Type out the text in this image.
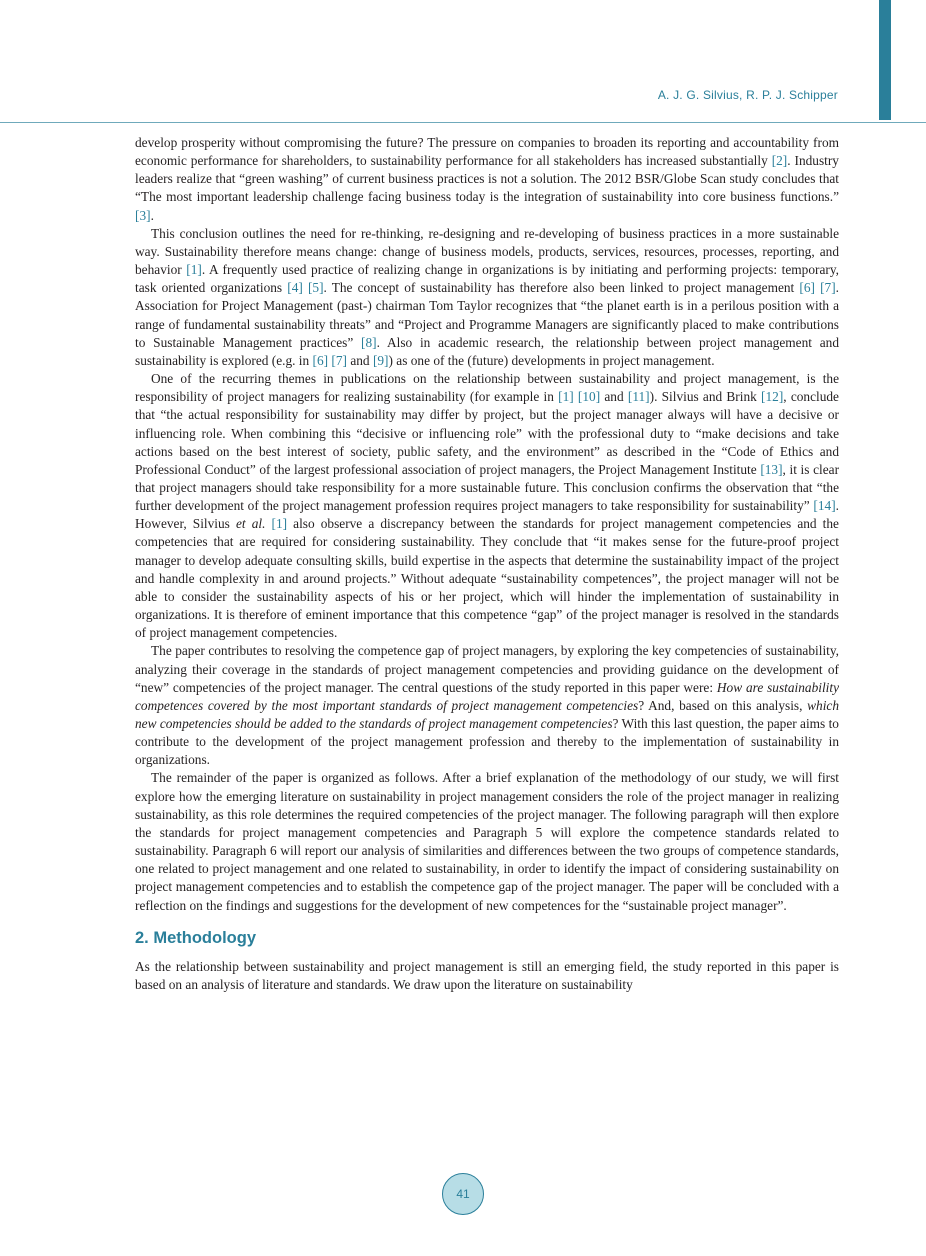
A. J. G. Silvius, R. P. J. Schipper

develop prosperity without compromising the future? The pressure on companies to broaden its reporting and accountability from economic performance for shareholders, to sustainability performance for all stakeholders has increased substantially [2]. Industry leaders realize that “green washing” of current business practices is not a solution. The 2012 BSR/Globe Scan study concludes that “The most important leadership challenge facing business today is the integration of sustainability into core business functions.” [3].

This conclusion outlines the need for re-thinking, re-designing and re-developing of business practices in a more sustainable way. Sustainability therefore means change: change of business models, products, services, resources, processes, reporting, and behavior [1]. A frequently used practice of realizing change in organizations is by initiating and performing projects: temporary, task oriented organizations [4] [5]. The concept of sustainability has therefore also been linked to project management [6] [7]. Association for Project Management (past-) chairman Tom Taylor recognizes that “the planet earth is in a perilous position with a range of fundamental sustainability threats” and “Project and Programme Managers are significantly placed to make contributions to Sustainable Management practices” [8]. Also in academic research, the relationship between project management and sustainability is explored (e.g. in [6] [7] and [9]) as one of the (future) developments in project management.

One of the recurring themes in publications on the relationship between sustainability and project management, is the responsibility of project managers for realizing sustainability (for example in [1] [10] and [11]). Silvius and Brink [12], conclude that “the actual responsibility for sustainability may differ by project, but the project manager always will have a decisive or influencing role. When combining this “decisive or influencing role” with the professional duty to “make decisions and take actions based on the best interest of society, public safety, and the environment” as described in the “Code of Ethics and Professional Conduct” of the largest professional association of project managers, the Project Management Institute [13], it is clear that project managers should take responsibility for a more sustainable future. This conclusion confirms the observation that “the further development of the project management profession requires project managers to take responsibility for sustainability” [14]. However, Silvius et al. [1] also observe a discrepancy between the standards for project management competencies and the competencies that are required for considering sustainability. They conclude that “it makes sense for the future-proof project manager to develop adequate consulting skills, build expertise in the aspects that determine the sustainability impact of the project and handle complexity in and around projects.” Without adequate “sustainability competences”, the project manager will not be able to consider the sustainability aspects of his or her project, which will hinder the implementation of sustainability in organizations. It is therefore of eminent importance that this competence “gap” of the project manager is resolved in the standards of project management competencies.

The paper contributes to resolving the competence gap of project managers, by exploring the key competencies of sustainability, analyzing their coverage in the standards of project management competencies and providing guidance on the development of “new” competencies of the project manager. The central questions of the study reported in this paper were: How are sustainability competences covered by the most important standards of project management competencies? And, based on this analysis, which new competencies should be added to the standards of project management competencies? With this last question, the paper aims to contribute to the development of the project management profession and thereby to the implementation of sustainability in organizations.

The remainder of the paper is organized as follows. After a brief explanation of the methodology of our study, we will first explore how the emerging literature on sustainability in project management considers the role of the project manager in realizing sustainability, as this role determines the required competencies of the project manager. The following paragraph will then explore the standards for project management competencies and Paragraph 5 will explore the competence standards related to sustainability. Paragraph 6 will report our analysis of similarities and differences between the two groups of competence standards, one related to project management and one related to sustainability, in order to identify the impact of considering sustainability on project management competencies and to establish the competence gap of the project manager. The paper will be concluded with a reflection on the findings and suggestions for the development of new competences for the “sustainable project manager”.

2. Methodology

As the relationship between sustainability and project management is still an emerging field, the study reported in this paper is based on an analysis of literature and standards. We draw upon the literature on sustainability

41
